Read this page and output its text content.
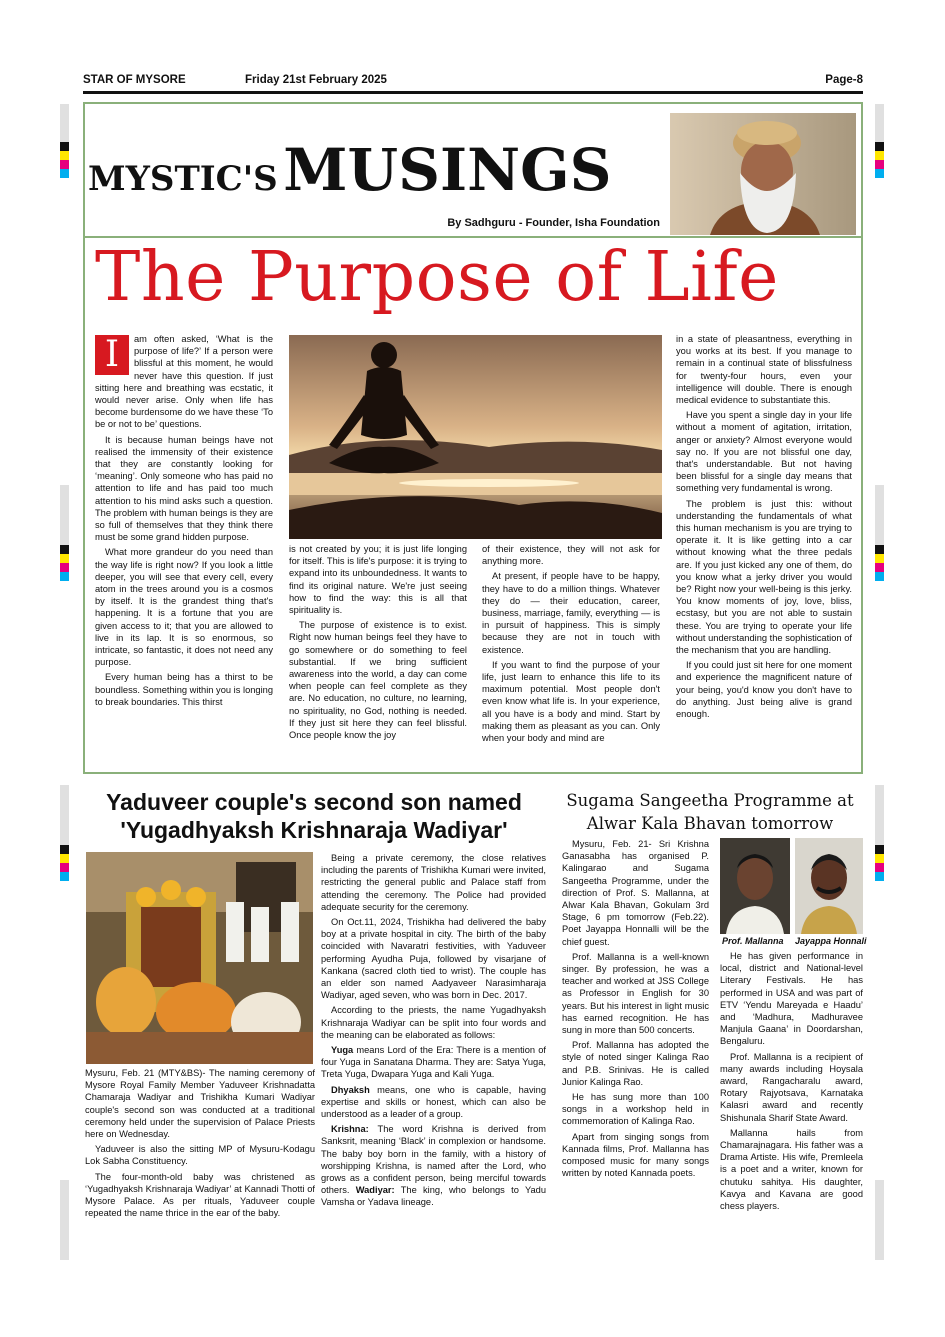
STAR OF MYSORE	Friday 21st February 2025	Page-8
MYSTIC'S MUSINGS
By Sadhguru - Founder, Isha Foundation
The Purpose of Life
I	am often asked, ‘What is the purpose of life?’ If a person were blissful at this moment, he would never have this question. If just sitting here and breathing was ecstatic, it would never arise. Only when life has become burdensome do we have these ‘To be or not to be’ questions.

It is because human beings have not realised the immensity of their existence that they are constantly looking for ‘meaning’. Only someone who has paid no attention to life and has paid too much attention to his mind asks such a question. The problem with human beings is they are so full of themselves that they think there must be some grand hidden purpose.

What more grandeur do you need than the way life is right now? If you look a little deeper, you will see that every cell, every atom in the trees around you is a cosmos by itself. It is the grandest thing that's happening. It is a fortune that you are given access to it; that you are allowed to live in its lap. It is so enormous, so intricate, so fantastic, it does not need any purpose.

Every human being has a thirst to be boundless. Something within you is longing to break boundaries. This thirst

is not created by you; it is just life longing for itself. This is life's purpose: it is trying to expand into its unboundedness. It wants to find its original nature. We're just seeing how to find the way: this is all that spirituality is.

The purpose of existence is to exist. Right now human beings feel they have to go somewhere or do something to feel substantial. If we bring sufficient awareness into the world, a day can come when people can feel complete as they are. No education, no culture, no learning, no spirituality, no God, nothing is needed. If they just sit here they can feel blissful. Once people know the joy

of their existence, they will not ask for anything more.

At present, if people have to be happy, they have to do a million things. Whatever they do — their education, career, business, marriage, family, everything — is in pursuit of happiness. This is simply because they are not in touch with existence.

If you want to find the purpose of your life, just learn to enhance this life to its maximum potential. Most people don't even know what life is. In your experience, all you have is a body and mind. Start by making them as pleasant as you can. Only when your body and mind are

in a state of pleasantness, everything in you works at its best. If you manage to remain in a continual state of blissfulness for twenty-four hours, even your intelligence will double. There is enough medical evidence to substantiate this.

Have you spent a single day in your life without a moment of agitation, irritation, anger or anxiety? Almost everyone would say no. If you are not blissful one day, that's understandable. But not having been blissful for a single day means that something very fundamental is wrong.

The problem is just this: without understanding the fundamentals of what this human mechanism is you are trying to operate it. It is like getting into a car without knowing what the three pedals are. If you just kicked any one of them, do you know what a jerky driver you would be? Right now your well-being is this jerky. You know moments of joy, love, bliss, ecstasy, but you are not able to sustain these. You are trying to operate your life without understanding the sophistication of the mechanism that you are handling.

If you could just sit here for one moment and experience the magnificent nature of your being, you'd know you don't have to do anything. Just being alive is grand enough.

Yaduveer couple's second son named 'Yugadhyaksh Krishnaraja Wadiyar'

Mysuru, Feb. 21 (MTY&BS)- The naming ceremony of Mysore Royal Family Member Yaduveer Krishnadatta Chamaraja Wadiyar and Trishikha Kumari Wadiyar couple's second son was conducted at a traditional ceremony held under the supervision of Palace Priests here on Wednesday.

Yaduveer is also the sitting MP of Mysuru-Kodagu Lok Sabha Constituency.

The four-month-old baby was christened as ‘Yugadhyaksh Krishnaraja Wadiyar’ at Kannadi Thotti of Mysore Palace. As per rituals, Yaduveer couple repeated the name thrice in the ear of the baby.

Being a private ceremony, the close relatives including the parents of Trishikha Kumari were invited, restricting the general public and Palace staff from attending the ceremony. The Police had provided adequate security for the ceremony.

On Oct.11, 2024, Trishikha had delivered the baby boy at a private hospital in city. The birth of the baby coincided with Navaratri festivities, with Yaduveer performing Ayudha Puja, followed by visarjane of Kankana (sacred cloth tied to wrist). The couple has an elder son named Aadyaveer Narasimharaja Wadiyar, aged seven, who was born in Dec. 2017.

According to the priests, the name Yugadhyaksh Krishnaraja Wadiyar can be split into four words and the meaning can be elaborated as follows:

Yuga means Lord of the Era: There is a mention of four Yuga in Sanatana Dharma. They are: Satya Yuga, Treta Yuga, Dwapara Yuga and Kali Yuga.

Dhyaksh means, one who is capable, having expertise and skills or honest, which can also be understood as a leader of a group.

Krishna: The word Krishna is derived from Sanksrit, meaning ‘Black’ in complexion or handsome. The baby boy born in the family, with a history of worshipping Krishna, is named after the Lord, who grows as a confident person, being merciful towards others. Wadiyar: The king, who belongs to Yadu Vamsha or Yadava lineage.

Sugama Sangeetha Programme at Alwar Kala Bhavan tomorrow
Prof. Mallanna Jayappa Honnali

Mysuru, Feb. 21- Sri Krishna Ganasabha has organised P. Kalingarao and Sugama Sangeetha Programme, under the direction of Prof. S. Mallanna, at Alwar Kala Bhavan, Gokulam 3rd Stage, 6 pm tomorrow (Feb.22). Poet Jayappa Honnalli will be the chief guest.

Prof. Mallanna is a well-known singer. By profession, he was a teacher and worked at JSS College as Professor in English for 30 years. But his interest in light music has earned recognition. He has sung in more than 500 concerts.

Prof. Mallanna has adopted the style of noted singer Kalinga Rao and P.B. Srinivas. He is called Junior Kalinga Rao.

He has sung more than 100 songs in a workshop held in commemoration of Kalinga Rao.

Apart from singing songs from Kannada films, Prof. Mallanna has composed music for many songs written by noted Kannada poets.

He has given performance in local, district and National-level Literary Festivals. He has performed in USA and was part of ETV ‘Yendu Mareyada e Haadu’ and ‘Madhura, Madhuravee Manjula Gaana’ in Doordarshan, Bengaluru.

Prof. Mallanna is a recipient of many awards including Hoysala award, Rangacharalu award, Rotary Rajyotsava, Karnataka Kalasri award and recently Shishunala Sharif State Award.

Mallanna hails from Chamarajnagara. His father was a Drama Artiste. His wife, Premleela is a poet and a writer, known for chutuku sahitya. His daughter, Kavya and Kavana are good chess players.
